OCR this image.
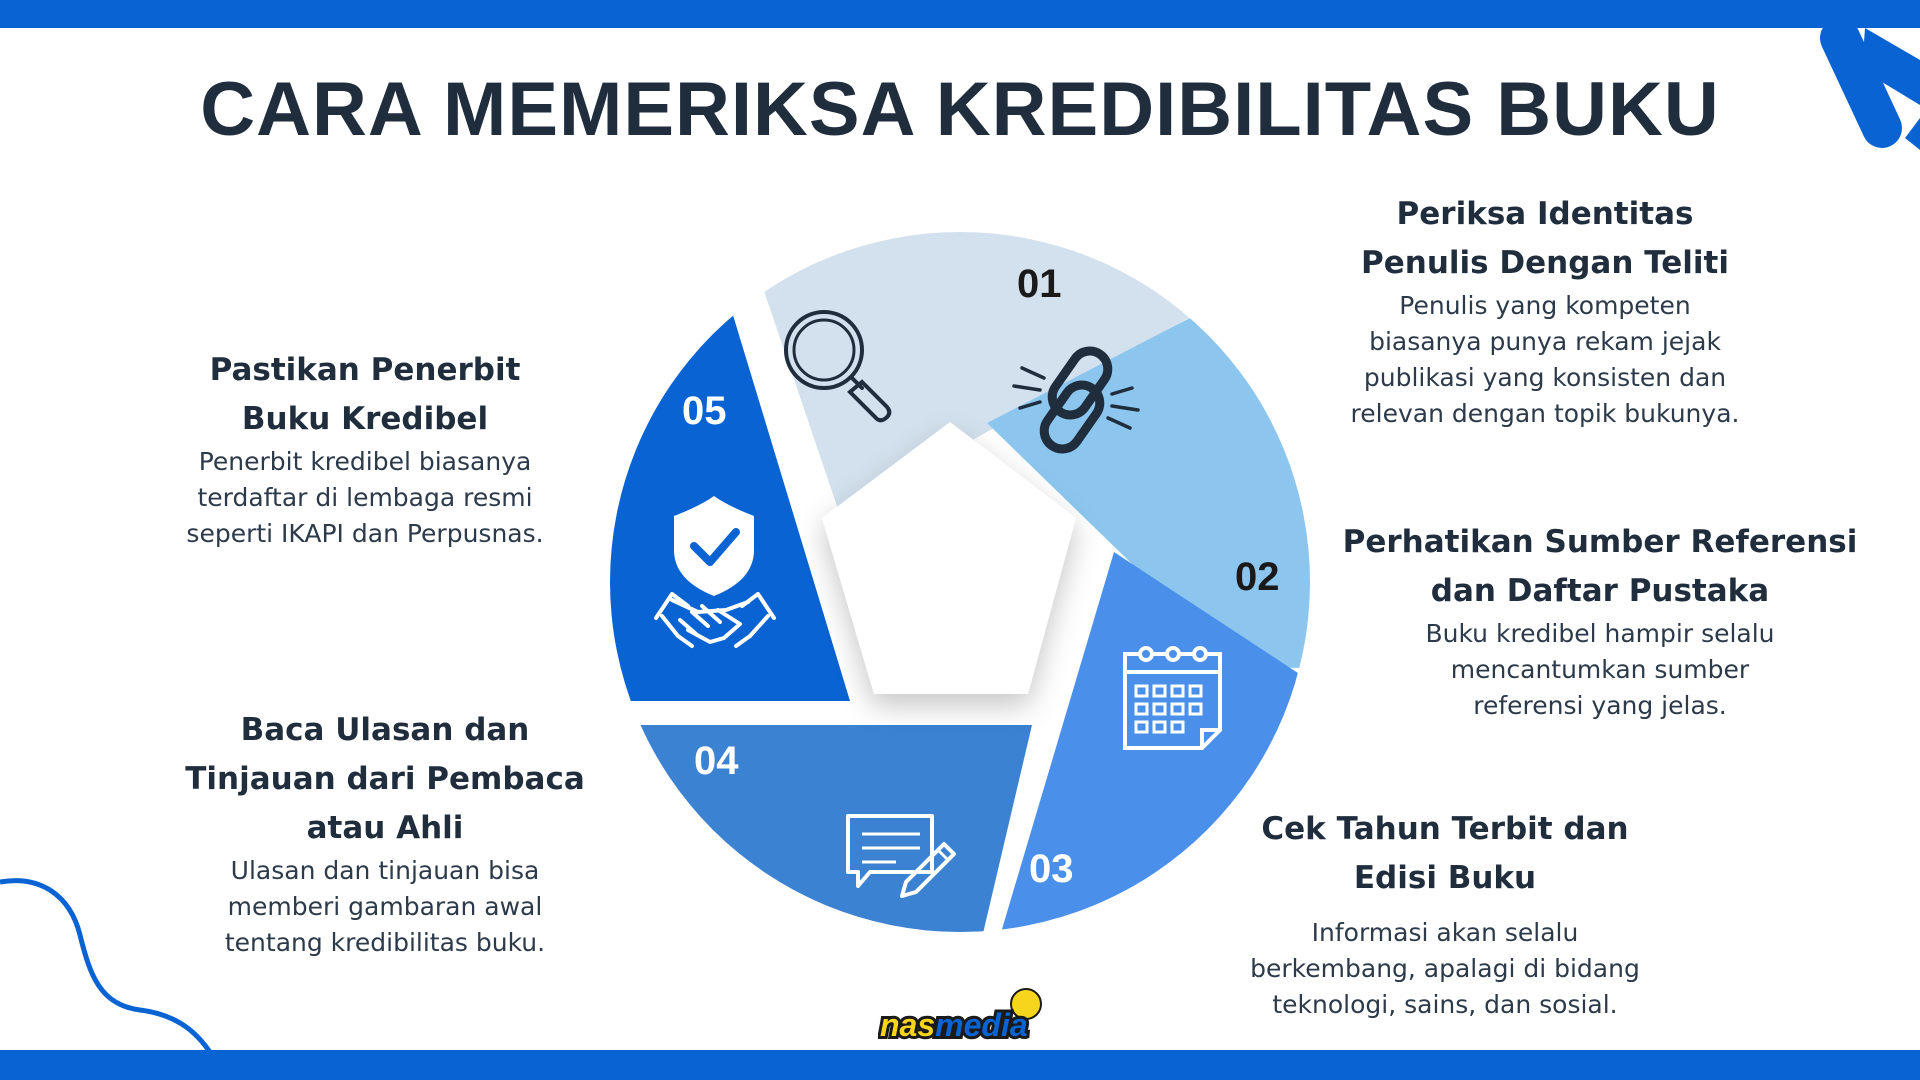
CARA MEMERIKSA KREDIBILITAS BUKU

Periksa Identitas
Penulis Dengan Teliti

Penulis yang kompeten
biasanya punya rekam jejak
publikasi yang konsisten dan
relevan dengan topik bukunya.

Perhatikan Sumber Referensi
dan Daftar Pustaka

Buku kredibel hampir selalu
mencantumkan sumber
referensi yang jelas.

Cek Tahun Terbit dan
Edisi Buku

Informasi akan selalu
berkembang, apalagi di bidang
teknologi, sains, dan sosial.

Baca Ulasan dan
Tinjauan dari Pembaca
atau Ahli

Ulasan dan tinjauan bisa
memberi gambaran awal
tentang kredibilitas buku.

Pastikan Penerbit
Buku Kredibel

Penerbit kredibel biasanya
terdaftar di lembaga resmi
seperti IKAPI dan Perpusnas.

01
02
03
04
05
nasmedia
